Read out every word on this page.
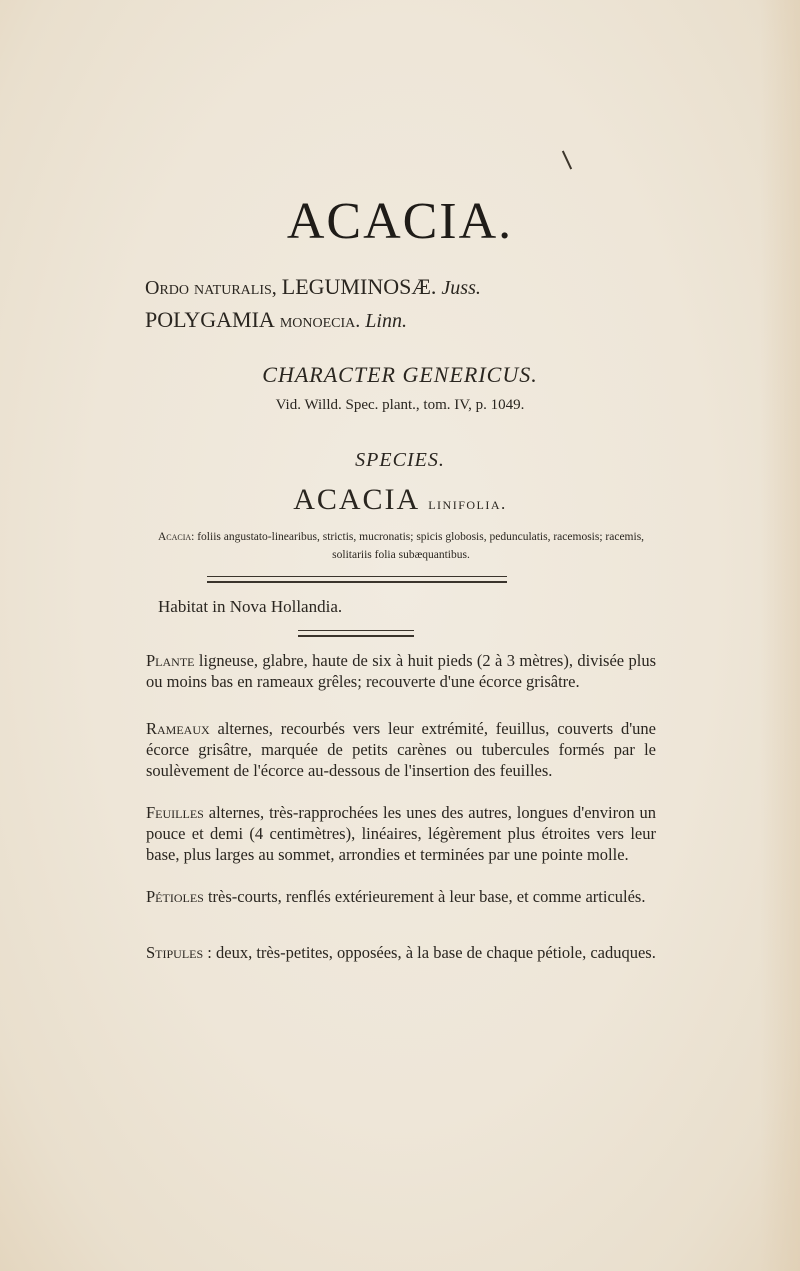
ACACIA.
Ordo naturalis, LEGUMINOSÆ. Juss.
POLYGAMIA monoecia. Linn.
CHARACTER GENERICUS.
Vid. Willd. Spec. plant., tom. IV, p. 1049.
SPECIES.
ACACIA linifolia.
Acacia: foliis angustato-linearibus, strictis, mucronatis; spicis globosis, pedunculatis, racemosis; racemis, solitariis folia subæquantibus.
Habitat in Nova Hollandia.
Plante ligneuse, glabre, haute de six à huit pieds (2 à 3 mètres), divisée plus ou moins bas en rameaux grêles; recouverte d'une écorce grisâtre.
Rameaux alternes, recourbés vers leur extrémité, feuillus, couverts d'une écorce grisâtre, marquée de petits carènes ou tubercules formés par le soulèvement de l'écorce au-dessous de l'insertion des feuilles.
Feuilles alternes, très-rapprochées les unes des autres, longues d'environ un pouce et demi (4 centimètres), linéaires, légèrement plus étroites vers leur base, plus larges au sommet, arrondies et terminées par une pointe molle.
Pétioles très-courts, renflés extérieurement à leur base, et comme articulés.
Stipules : deux, très-petites, opposées, à la base de chaque pétiole, caduques.
